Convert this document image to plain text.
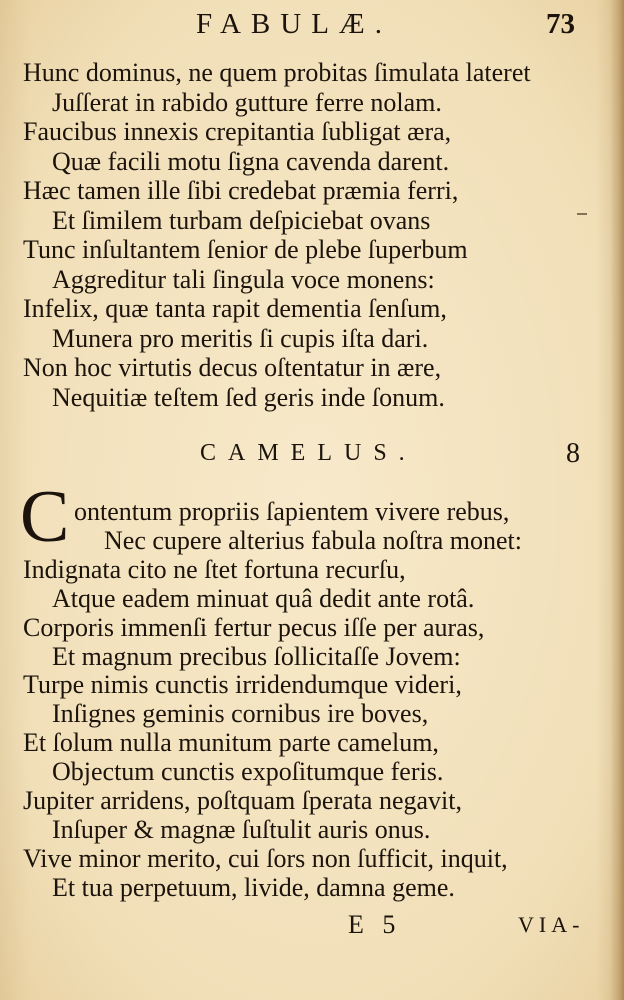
FABULÆ.	73
Hunc dominus, ne quem probitas ſimulata lateret
Juſſerat in rabido gutture ferre nolam.
Faucibus innexis crepitantia ſubligat æra,
Quæ facili motu ſigna cavenda darent.
Hæc tamen ille ſibi credebat præmia ferri,
Et ſimilem turbam deſpiciebat ovans
Tunc inſultantem ſenior de plebe ſuperbum
Aggreditur tali ſingula voce monens:
Infelix, quæ tanta rapit dementia ſenſum,
Munera pro meritis ſi cupis iſta dari.
Non hoc virtutis decus oſtentatur in ære,
Nequitiæ teſtem ſed geris inde ſonum.
CAMELUS.	8
C ontentum propriis ſapientem vivere rebus,
Nec cupere alterius fabula noſtra monet:
Indignata cito ne ſtet fortuna recurſu,
Atque eadem minuat quâ dedit ante rotâ.
Corporis immenſi fertur pecus iſſe per auras,
Et magnum precibus ſollicitaſſe Jovem:
Turpe nimis cunctis irridendumque videri,
Inſignes geminis cornibus ire boves,
Et ſolum nulla munitum parte camelum,
Objectum cunctis expoſitumque feris.
Jupiter arridens, poſtquam ſperata negavit,
Inſuper & magnæ ſuſtulit auris onus.
Vive minor merito, cui ſors non ſufficit, inquit,
Et tua perpetuum, livide, damna geme.
E 5	VIA-
